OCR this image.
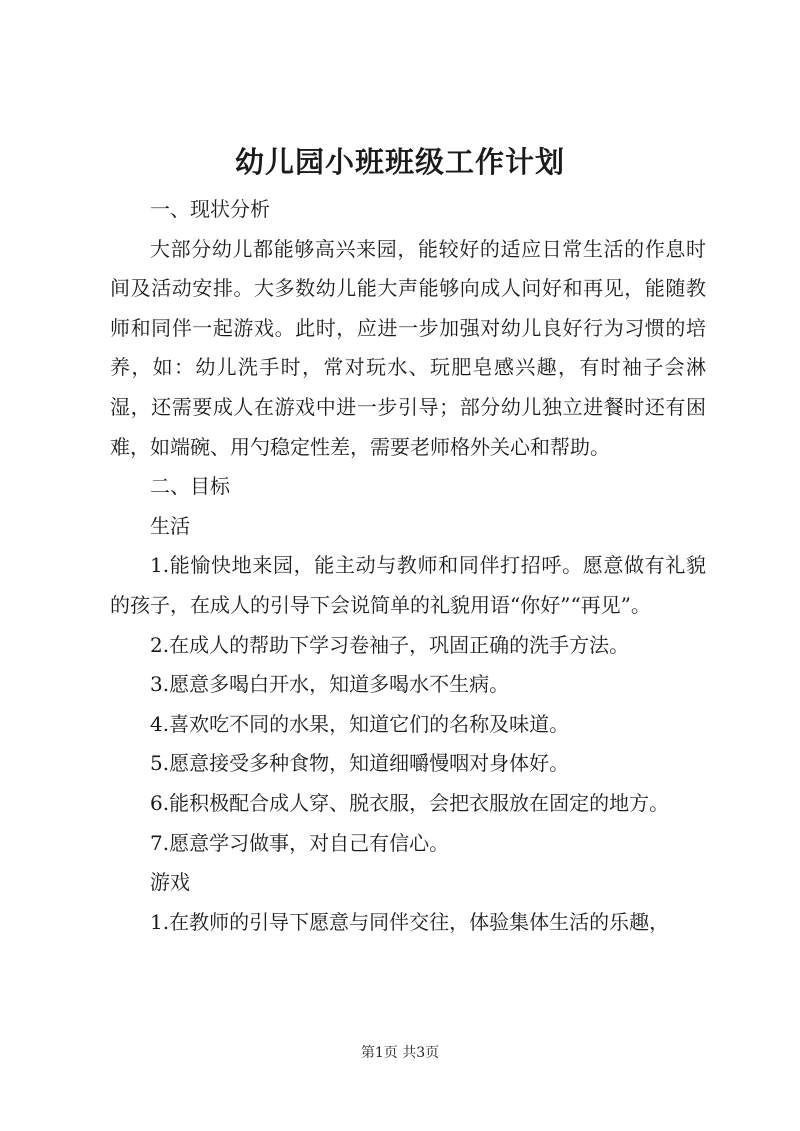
幼儿园小班班级工作计划

一、现状分析

大部分幼儿都能够高兴来园，能较好的适应日常生活的作息时间及活动安排。大多数幼儿能大声能够向成人问好和再见，能随教师和同伴一起游戏。此时，应进一步加强对幼儿良好行为习惯的培养，如：幼儿洗手时，常对玩水、玩肥皂感兴趣，有时袖子会淋湿，还需要成人在游戏中进一步引导；部分幼儿独立进餐时还有困难，如端碗、用勺稳定性差，需要老师格外关心和帮助。

二、目标

生活

1.能愉快地来园，能主动与教师和同伴打招呼。愿意做有礼貌的孩子，在成人的引导下会说简单的礼貌用语“你好”“再见”。

2.在成人的帮助下学习卷袖子，巩固正确的洗手方法。

3.愿意多喝白开水，知道多喝水不生病。

4.喜欢吃不同的水果，知道它们的名称及味道。

5.愿意接受多种食物，知道细嚼慢咽对身体好。

6.能积极配合成人穿、脱衣服，会把衣服放在固定的地方。

7.愿意学习做事，对自己有信心。

游戏

1.在教师的引导下愿意与同伴交往，体验集体生活的乐趣，

第1页 共3页
